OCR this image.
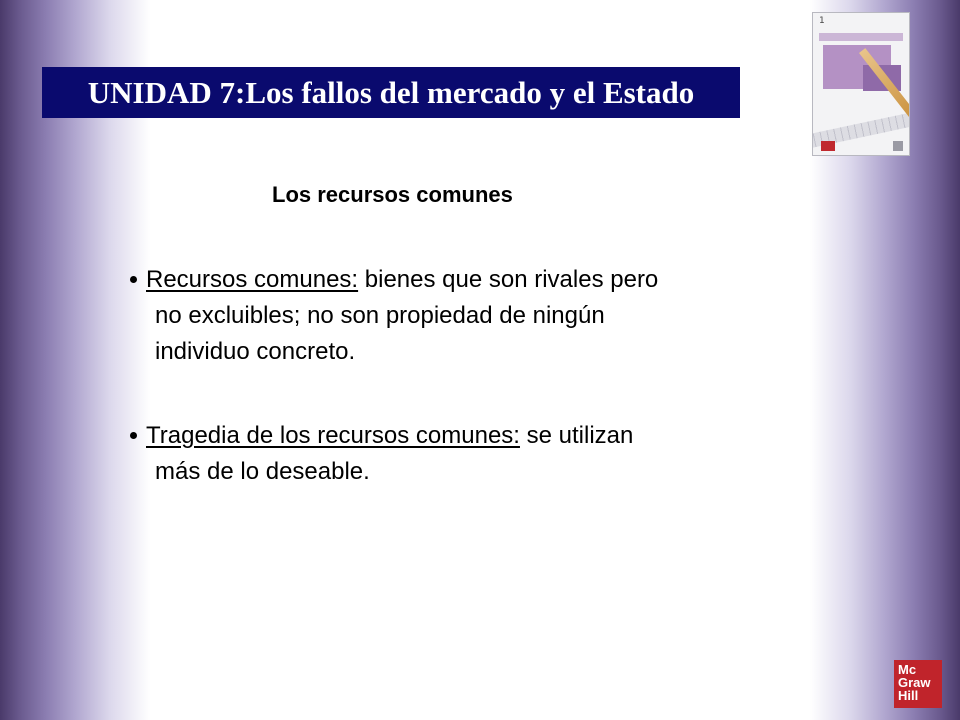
UNIDAD 7:Los fallos del mercado y el Estado
1
Los recursos comunes
Recursos comunes: bienes que son rivales pero
no excluibles; no son propiedad de ningún
individuo concreto.
Tragedia de los recursos comunes: se utilizan
más de lo deseable.
Mc
Graw
Hill
